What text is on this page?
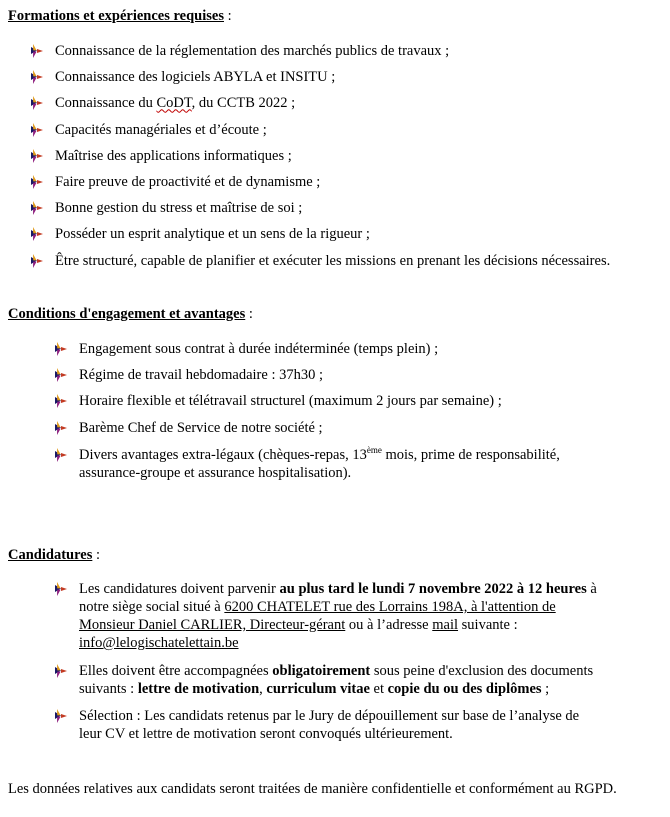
Formations et expériences requises :
Connaissance de la réglementation des marchés publics de travaux ;
Connaissance des logiciels ABYLA et INSITU ;
Connaissance du CoDT, du CCTB 2022 ;
Capacités managériales et d’écoute ;
Maîtrise des applications informatiques ;
Faire preuve de proactivité et de dynamisme ;
Bonne gestion du stress et maîtrise de soi ;
Posséder un esprit analytique et un sens de la rigueur ;
Être structuré, capable de planifier et exécuter les missions en prenant les décisions nécessaires.
Conditions d'engagement et avantages :
Engagement sous contrat à durée indéterminée (temps plein) ;
Régime de travail hebdomadaire : 37h30 ;
Horaire flexible et télétravail structurel (maximum 2 jours par semaine) ;
Barème Chef de Service de notre société ;
Divers avantages extra-légaux (chèques-repas, 13ème mois, prime de responsabilité,
assurance-groupe et assurance hospitalisation).
Candidatures :
Les candidatures doivent parvenir au plus tard le lundi 7 novembre 2022 à 12 heures à
notre siège social situé à 6200 CHATELET rue des Lorrains 198A, à l'attention de
Monsieur Daniel CARLIER, Directeur-gérant ou à l’adresse mail suivante :
info@lelogischatelettain.be
Elles doivent être accompagnées obligatoirement sous peine d'exclusion des documents
suivants : lettre de motivation, curriculum vitae et copie du ou des diplômes ;
Sélection : Les candidats retenus par le Jury de dépouillement sur base de l’analyse de
leur CV et lettre de motivation seront convoqués ultérieurement.
Les données relatives aux candidats seront traitées de manière confidentielle et conformément au RGPD.
